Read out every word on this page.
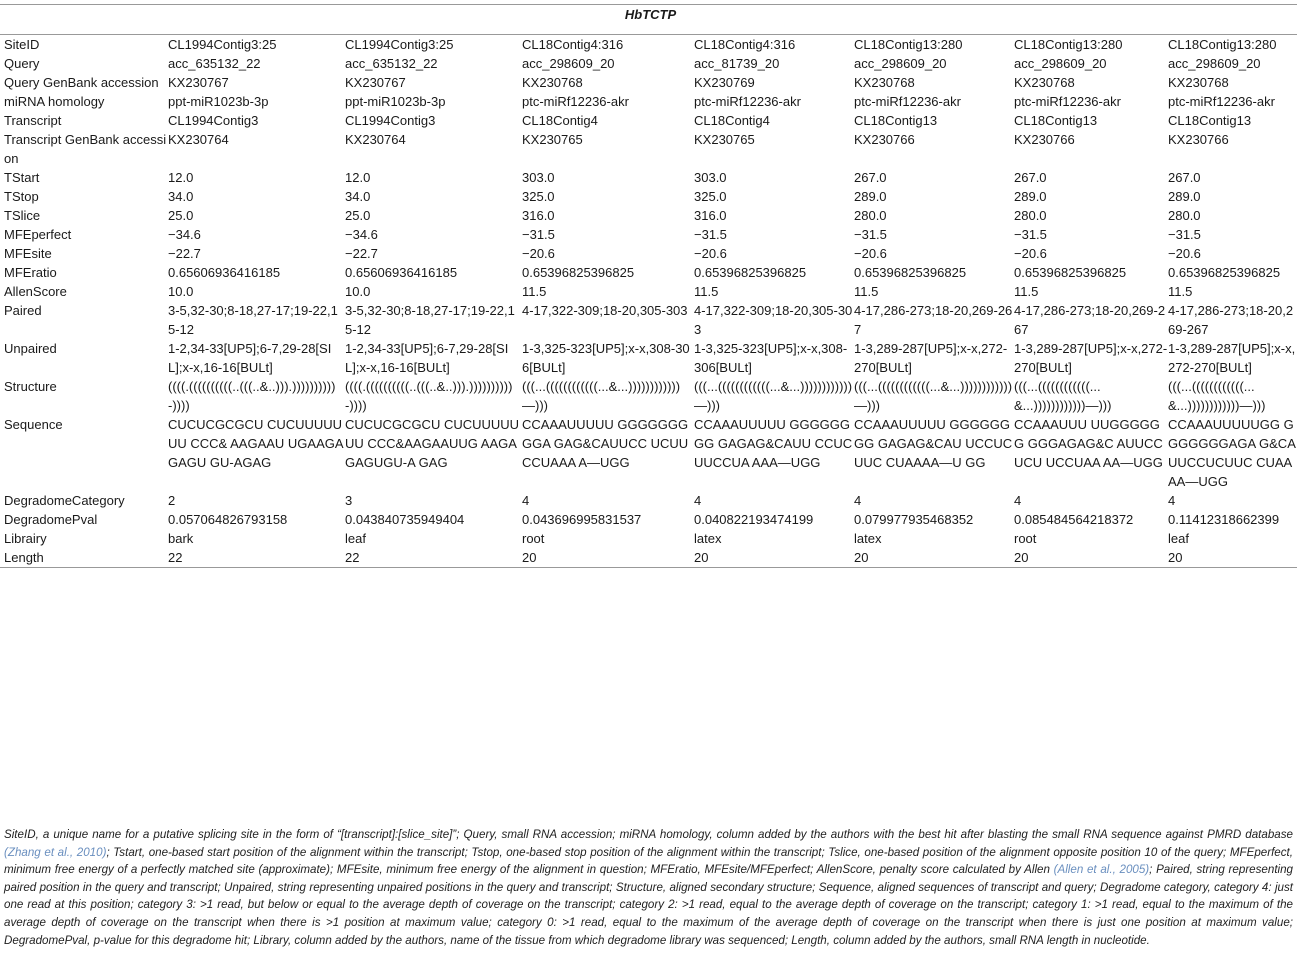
HbTCTP							
SiteID	CL1994Contig3:25	CL1994Contig3:25	CL18Contig4:316	CL18Contig4:316	CL18Contig13:280	CL18Contig13:280	CL18Contig13:280
Query	acc_635132_22	acc_635132_22	acc_298609_20	acc_81739_20	acc_298609_20	acc_298609_20	acc_298609_20
Query GenBank accession	KX230767	KX230767	KX230768	KX230769	KX230768	KX230768	KX230768
miRNA homology	ppt-miR1023b-3p	ppt-miR1023b-3p	ptc-miRf12236-akr	ptc-miRf12236-akr	ptc-miRf12236-akr	ptc-miRf12236-akr	ptc-miRf12236-akr
Transcript	CL1994Contig3	CL1994Contig3	CL18Contig4	CL18Contig4	CL18Contig13	CL18Contig13	CL18Contig13
Transcript GenBank accession	KX230764	KX230764	KX230765	KX230765	KX230766	KX230766	KX230766
TStart	12.0	12.0	303.0	303.0	267.0	267.0	267.0
TStop	34.0	34.0	325.0	325.0	289.0	289.0	289.0
TSlice	25.0	25.0	316.0	316.0	280.0	280.0	280.0
MFEperfect	−34.6	−34.6	−31.5	−31.5	−31.5	−31.5	−31.5
MFEsite	−22.7	−22.7	−20.6	−20.6	−20.6	−20.6	−20.6
MFEratio	0.65606936416185	0.65606936416185	0.65396825396825	0.65396825396825	0.65396825396825	0.65396825396825	0.65396825396825
AllenScore	10.0	10.0	11.5	11.5	11.5	11.5	11.5
Paired	3-5,32-30;8-18,27-17;19-22,15-12	3-5,32-30;8-18,27-17;19-22,15-12	4-17,322-309;18-20,305-303	4-17,322-309;18-20,305-303	4-17,286-273;18-20,269-267	4-17,286-273;18-20,269-267	4-17,286-273;18-20,269-267
Unpaired	1-2,34-33[UP5];6-7,29-28[SIL];x-x,16-16[BULt]	1-2,34-33[UP5];6-7,29-28[SIL];x-x,16-16[BULt]	1-3,325-323[UP5];x-x,308-306[BULt]	1-3,325-323[UP5];x-x,308-306[BULt]	1-3,289-287[UP5];x-x,272-270[BULt]	1-3,289-287[UP5];x-x,272-270[BULt]	1-3,289-287[UP5];x-x,272-270[BULt]
Structure	((((.((((((((((..(((..&..))).))))))))))-))))	((((.((((((((((..(((..&..))).))))))))))-))))	(((...((((((((((((...&...))))))))))))—)))	(((...((((((((((((...&...))))))))))))—)))	(((...((((((((((((...&...))))))))))))—)))	(((...((((((((((((...&...))))))))))))—)))	(((...((((((((((((...&...))))))))))))—)))
Sequence	CUCUCGCGCU CUCUUUUU UU CCC& AAGAAU UGAAGAGAGU GU-AGAG	CUCUCGCGCU CUCUUUUUUU CCC&AAGAAUUG AAGAGAGUGU-A GAG	CCAAAUUUUU GGGGGGGGGA GAG&CAUUCC UCUUCCUAAA A—UGG	CCAAAUUUUU GGGGGGGG GAGAG&CAUU CCUCUUCCUA AAA—UGG	CCAAAUUUUU GGGGGGGG GAGAG&CAU UCCUCUUC CUAAAA—U GG	CCAAAUUU UUGGGGGG GGGAGAG&C AUUCCUCU UCCUAA AA—UGG	CCAAAUUUUUGG GGGGGGGAGA G&CAUUCCUCUUC CUAAAA—UGG
DegradomeCategory	2	3	4	4	4	4	4
DegradomePval	0.057064826793158	0.043840735949404	0.043696995831537	0.040822193474199	0.079977935468352	0.085484564218372	0.11412318662399
Librairy	bark	leaf	root	latex	latex	root	leaf
Length	22	22	20	20	20	20	20
SiteID, a unique name for a putative splicing site in the form of “[transcript]:[slice_site]”; Query, small RNA accession; miRNA homology, column added by the authors with the best hit after blasting the small RNA sequence against PMRD database (Zhang et al., 2010); Tstart, one-based start position of the alignment within the transcript; Tstop, one-based stop position of the alignment within the transcript; Tslice, one-based position of the alignment opposite position 10 of the query; MFEperfect, minimum free energy of a perfectly matched site (approximate); MFEsite, minimum free energy of the alignment in question; MFEratio, MFEsite/MFEperfect; AllenScore, penalty score calculated by Allen (Allen et al., 2005); Paired, string representing paired position in the query and transcript; Unpaired, string representing unpaired positions in the query and transcript; Structure, aligned secondary structure; Sequence, aligned sequences of transcript and query; Degradome category, category 4: just one read at this position; category 3: >1 read, but below or equal to the average depth of coverage on the transcript; category 2: >1 read, equal to the average depth of coverage on the transcript; category 1: >1 read, equal to the maximum of the average depth of coverage on the transcript when there is >1 position at maximum value; category 0: >1 read, equal to the maximum of the average depth of coverage on the transcript when there is just one position at maximum value; DegradomePval, p-value for this degradome hit; Library, column added by the authors, name of the tissue from which degradome library was sequenced; Length, column added by the authors, small RNA length in nucleotide.
